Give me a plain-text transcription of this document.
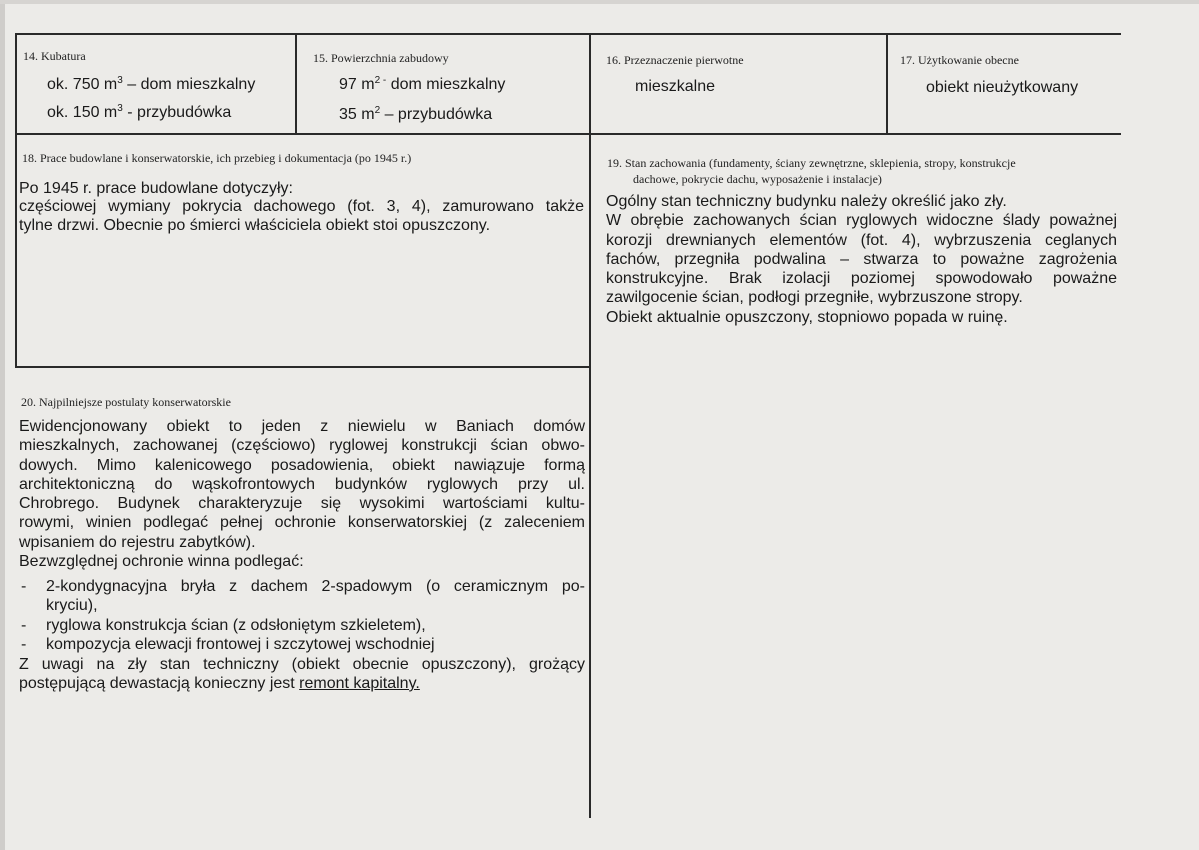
14. Kubatura
ok. 750 $m^3$ – dom mieszkalny
ok. 150 $m^3$ - przybudówka
15. Powierzchnia zabudowy
97 $m^{2 -}$ dom mieszkalny
35 $m^2$ – przybudówka
16. Przeznaczenie pierwotne
mieszkalne
17. Użytkowanie obecne
obiekt nieużytkowany
18. Prace budowlane i konserwatorskie, ich przebieg i dokumentacja (po 1945 r.)
Po 1945 r. prace budowlane dotyczyły:
częściowej wymiany pokrycia dachowego (fot. 3, 4), zamurowano także
tylne drzwi. Obecnie po śmierci właściciela obiekt stoi opuszczony.
19. Stan zachowania (fundamenty, ściany zewnętrzne, sklepienia, stropy, konstrukcje
dachowe, pokrycie dachu, wyposażenie i instalacje)
Ogólny stan techniczny budynku należy określić jako zły.
W obrębie zachowanych ścian ryglowych widoczne ślady poważnej
korozji drewnianych elementów (fot. 4), wybrzuszenia ceglanych
fachów, przegniła podwalina – stwarza to poważne zagrożenia
konstrukcyjne. Brak izolacji poziomej spowodowało poważne
zawilgocenie ścian, podłogi przegniłe, wybrzuszone stropy.
Obiekt aktualnie opuszczony, stopniowo popada w ruinę.
20. Najpilniejsze postulaty konserwatorskie
Ewidencjonowany obiekt to jeden z niewielu w Baniach domów
mieszkalnych, zachowanej (częściowo) ryglowej konstrukcji ścian obwo-
dowych. Mimo kalenicowego posadowienia, obiekt nawiązuje formą
architektoniczną do wąskofrontowych budynków ryglowych przy ul.
Chrobrego. Budynek charakteryzuje się wysokimi wartościami kultu-
rowymi, winien podlegać pełnej ochronie konserwatorskiej (z zaleceniem
wpisaniem do rejestru zabytków).
Bezwzględnej ochronie winna podlegać:
- 2-kondygnacyjna bryła z dachem 2-spadowym (o ceramicznym po-
kryciu),
- ryglowa konstrukcja ścian (z odsłoniętym szkieletem),
- kompozycja elewacji frontowej i szczytowej wschodniej
Z uwagi na zły stan techniczny (obiekt obecnie opuszczony), grożący
postępującą dewastacją konieczny jest remont kapitalny.
